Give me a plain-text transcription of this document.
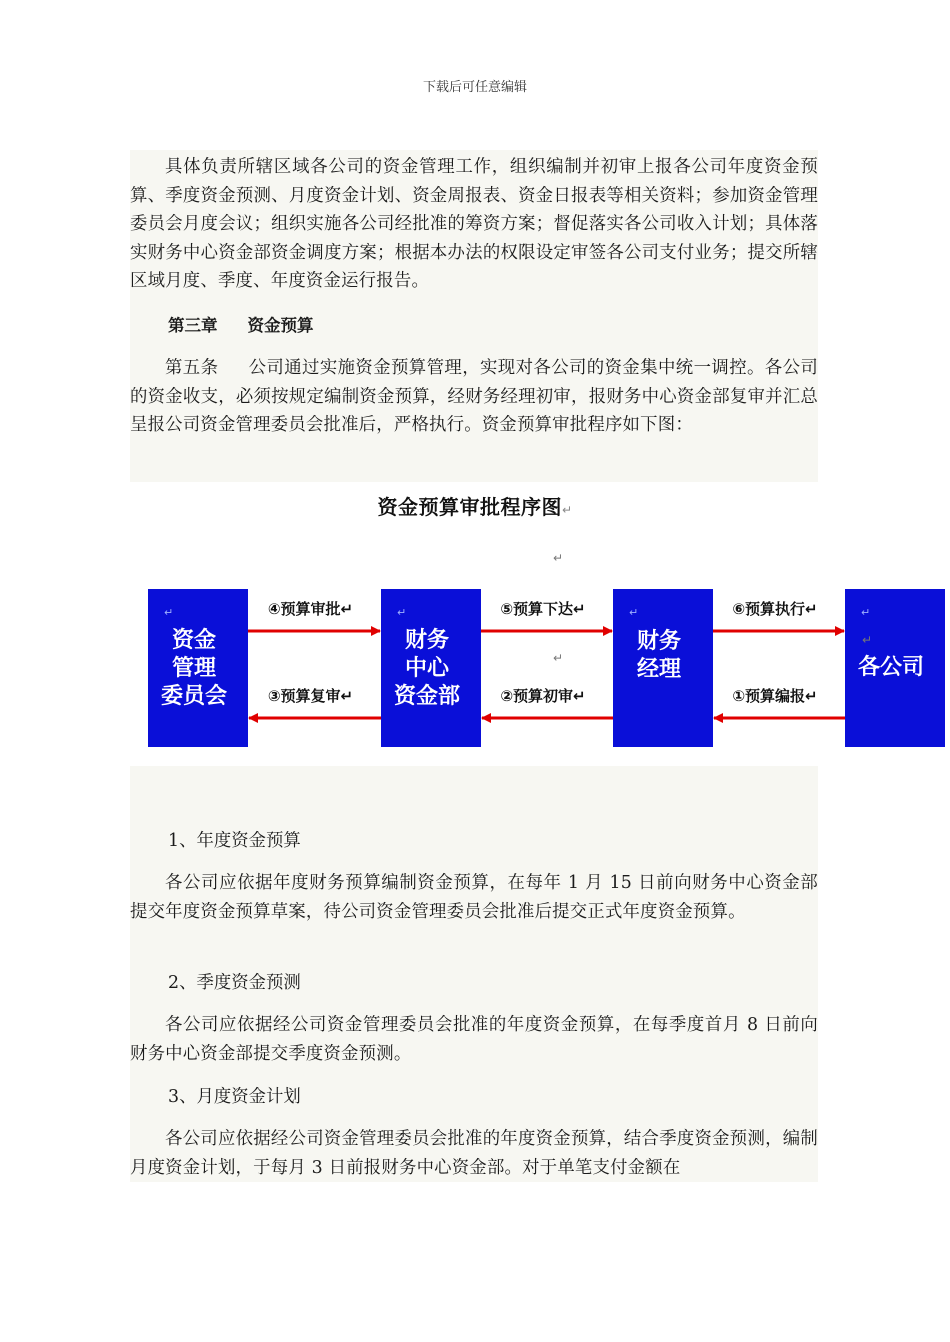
下载后可任意编辑

具体负责所辖区域各公司的资金管理工作，组织编制并初审上报各公司年度资金预算、季度资金预测、月度资金计划、资金周报表、资金日报表等相关资料；参加资金管理委员会月度会议；组织实施各公司经批准的筹资方案；督促落实各公司收入计划；具体落实财务中心资金部资金调度方案；根据本办法的权限设定审签各公司支付业务；提交所辖区域月度、季度、年度资金运行报告。

第三章 资金预算

第五条 公司通过实施资金预算管理，实现对各公司的资金集中统一调控。各公司的资金收支，必须按规定编制资金预算，经财务经理初审，报财务中心资金部复审并汇总呈报公司资金管理委员会批准后，严格执行。资金预算审批程序如下图：

资金预算审批程序图↵
资金
管理
委员会
↵
财务
中心
资金部
↵
财务
经理
↵
各公司
↵
④预算审批↵
③预算复审↵
⑤预算下达↵
②预算初审↵
⑥预算执行↵
①预算编报↵
↵
↵
↵

1、年度资金预算

各公司应依据年度财务预算编制资金预算，在每年 1 月 15 日前向财务中心资金部提交年度资金预算草案，待公司资金管理委员会批准后提交正式年度资金预算。

2、季度资金预测

各公司应依据经公司资金管理委员会批准的年度资金预算，在每季度首月 8 日前向财务中心资金部提交季度资金预测。

3、月度资金计划

各公司应依据经公司资金管理委员会批准的年度资金预算，结合季度资金预测，编制月度资金计划，于每月 3 日前报财务中心资金部。对于单笔支付金额在
